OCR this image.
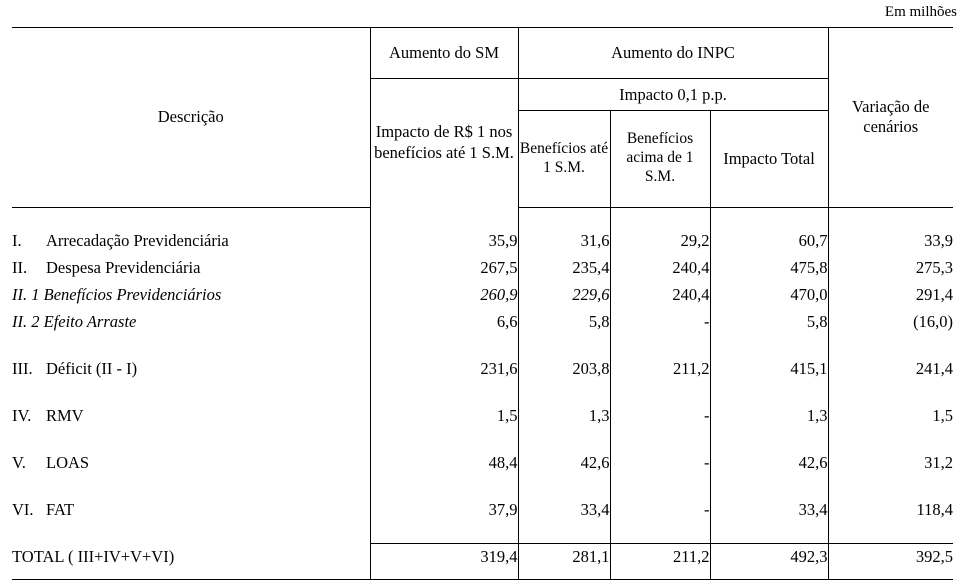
Em milhões
Descrição	Aumento do SM	Aumento do INPC			Variação de cenários
	Impacto de R$ 1 nos benefícios até 1 S.M.	Impacto 0,1 p.p.			
		Benefícios até 1 S.M.	Benefícios acima de 1 S.M.	Impacto Total	

I. Arrecadação Previdenciária	35,9	31,6	29,2	60,7	33,9
II. Despesa Previdenciária	267,5	235,4	240,4	475,8	275,3
II. 1 Benefícios Previdenciários	260,9	229,6	240,4	470,0	291,4
II. 2 Efeito Arraste	6,6	5,8	-	5,8	(16,0)

III. Déficit (II - I)	231,6	203,8	211,2	415,1	241,4

IV. RMV	1,5	1,3	-	1,3	1,5

V. LOAS	48,4	42,6	-	42,6	31,2

VI. FAT	37,9	33,4	-	33,4	118,4

TOTAL ( III+IV+V+VI)	319,4	281,1	211,2	492,3	392,5
